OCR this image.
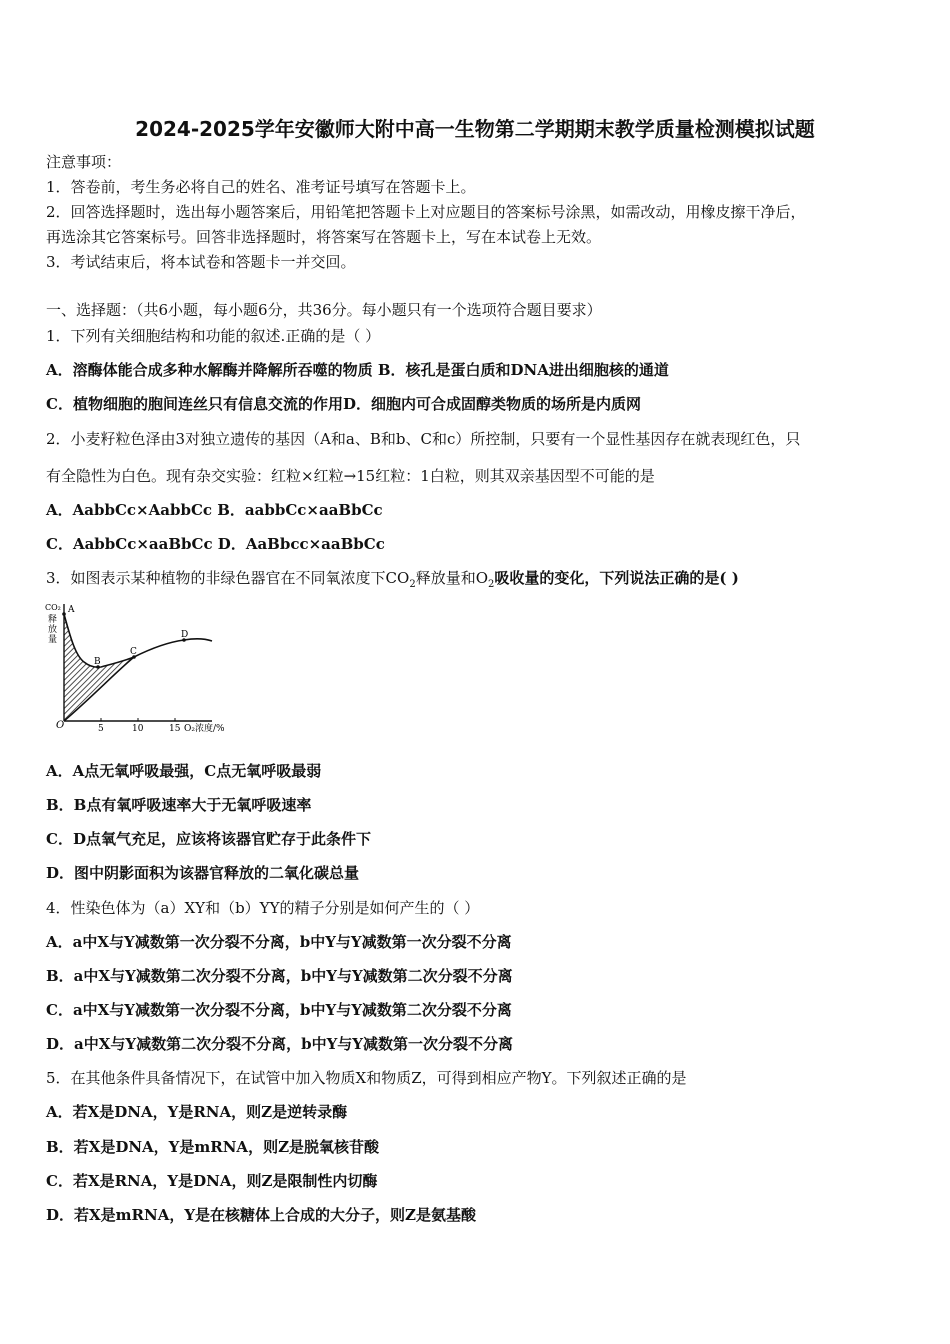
2024-2025学年安徽师大附中高一生物第二学期期末教学质量检测模拟试题
注意事项：
1．答卷前，考生务必将自己的姓名、准考证号填写在答题卡上。
2．回答选择题时，选出每小题答案后，用铅笔把答题卡上对应题目的答案标号涂黑，如需改动，用橡皮擦干净后，
再选涂其它答案标号。回答非选择题时，将答案写在答题卡上，写在本试卷上无效。
3．考试结束后，将本试卷和答题卡一并交回。
一、选择题：（共6小题，每小题6分，共36分。每小题只有一个选项符合题目要求）
1．下列有关细胞结构和功能的叙述.正确的是（ ）
A．溶酶体能合成多种水解酶并降解所吞噬的物质 B．核孔是蛋白质和DNA进出细胞核的通道
C．植物细胞的胞间连丝只有信息交流的作用D．细胞内可合成固醇类物质的场所是内质网
2．小麦籽粒色泽由3对独立遗传的基因（A和a、B和b、C和c）所控制，只要有一个显性基因存在就表现红色，只
有全隐性为白色。现有杂交实验：红粒×红粒→15红粒：1白粒，则其双亲基因型不可能的是
A．AabbCc×AabbCc B．aabbCc×aaBbCc
C．AabbCc×aaBbCc D．AaBbcc×aaBbCc
3．如图表示某种植物的非绿色器官在不同氧浓度下$CO_2$释放量和$O_2$吸收量的变化，下列说法正确的是( )
A
B
C
D
CO₂
释
放
量
O	5	10	15 O₂浓度/%
A．A点无氧呼吸最强，C点无氧呼吸最弱
B．B点有氧呼吸速率大于无氧呼吸速率
C．D点氧气充足，应该将该器官贮存于此条件下
D．图中阴影面积为该器官释放的二氧化碳总量
4．性染色体为（a）XY和（b）YY的精子分别是如何产生的（ ）
A．a中X与Y减数第一次分裂不分离，b中Y与Y减数第一次分裂不分离
B．a中X与Y减数第二次分裂不分离，b中Y与Y减数第二次分裂不分离
C．a中X与Y减数第一次分裂不分离，b中Y与Y减数第二次分裂不分离
D．a中X与Y减数第二次分裂不分离，b中Y与Y减数第一次分裂不分离
5．在其他条件具备情况下，在试管中加入物质X和物质Z，可得到相应产物Y。下列叙述正确的是
A．若X是DNA，Y是RNA，则Z是逆转录酶
B．若X是DNA，Y是mRNA，则Z是脱氧核苷酸
C．若X是RNA，Y是DNA，则Z是限制性内切酶
D．若X是mRNA，Y是在核糖体上合成的大分子，则Z是氨基酸
